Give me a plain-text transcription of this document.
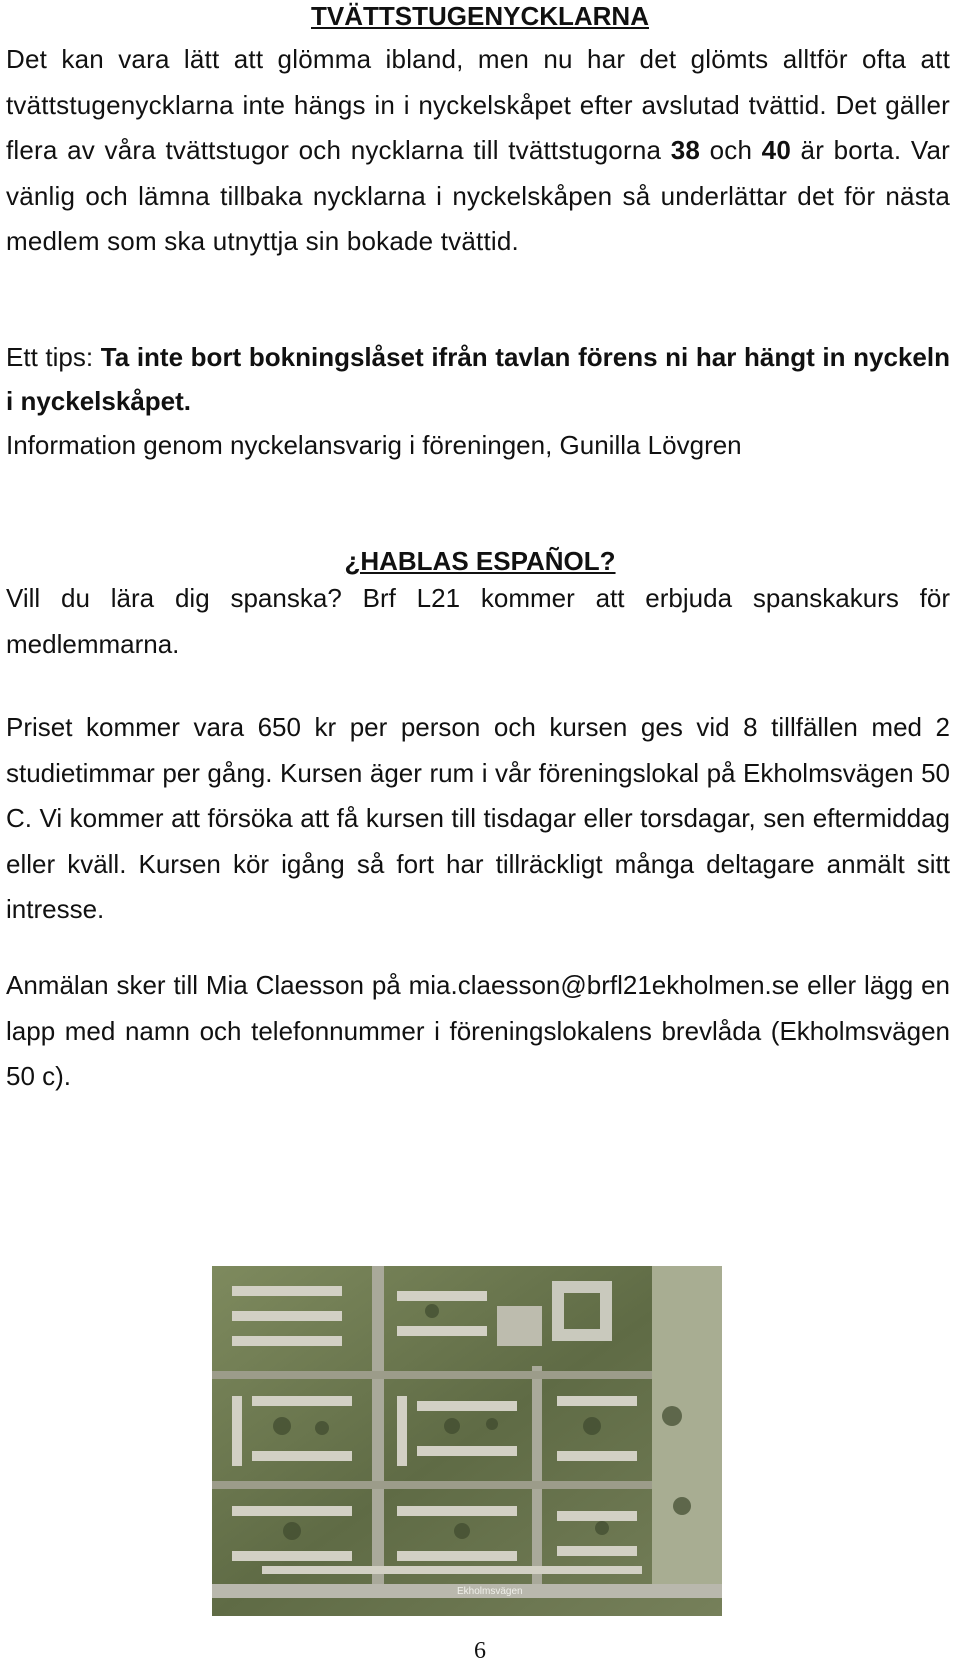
TVÄTTSTUGENYCKLARNA

Det kan vara lätt att glömma ibland, men nu har det glömts alltför ofta att tvättstugenycklarna inte hängs in i nyckelskåpet efter avslutad tvättid. Det gäller flera av våra tvättstugor och nycklarna till tvättstugorna 38 och 40 är borta. Var vänlig och lämna tillbaka nycklarna i nyckelskåpen så underlättar det för nästa medlem som ska utnyttja sin bokade tvättid.

Ett tips: Ta inte bort bokningslåset ifrån tavlan förens ni har hängt in nyckeln i nyckelskåpet.

Information genom nyckelansvarig i föreningen, Gunilla Lövgren

¿HABLAS ESPAÑOL?

Vill du lära dig spanska? Brf L21 kommer att erbjuda spanskakurs för medlemmarna.

Priset kommer vara 650 kr per person och kursen ges vid 8 tillfällen med 2 studietimmar per gång. Kursen äger rum i vår föreningslokal på Ekholmsvägen 50 C. Vi kommer att försöka att få kursen till tisdagar eller torsdagar, sen eftermiddag eller kväll. Kursen kör igång så fort har tillräckligt många deltagare anmält sitt intresse.

Anmälan sker till Mia Claesson på mia.claesson@brfl21ekholmen.se eller lägg en lapp med namn och telefonnummer i föreningslokalens brevlåda (Ekholmsvägen 50 c).

Ekholmsvägen
6
